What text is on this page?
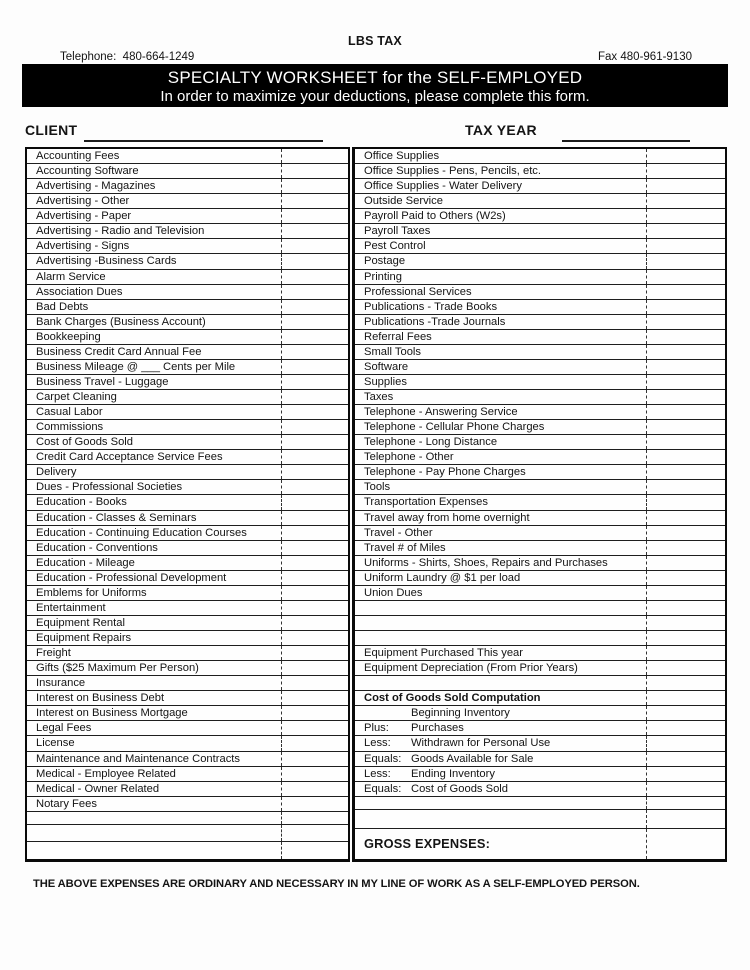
LBS TAX
Telephone: 480-664-1249	Fax 480-961-9130
SPECIALTY WORKSHEET for the SELF-EMPLOYED
In order to maximize your deductions, please complete this form.
CLIENT	TAX YEAR
Accounting Fees
Accounting Software
Advertising - Magazines
Advertising - Other
Advertising - Paper
Advertising - Radio and Television
Advertising - Signs
Advertising -Business Cards
Alarm Service
Association Dues
Bad Debts
Bank Charges (Business Account)
Bookkeeping
Business Credit Card Annual Fee
Business Mileage @ ___ Cents per Mile
Business Travel - Luggage
Carpet Cleaning
Casual Labor
Commissions
Cost of Goods Sold
Credit Card Acceptance Service Fees
Delivery
Dues - Professional Societies
Education - Books
Education - Classes & Seminars
Education - Continuing Education Courses
Education - Conventions
Education - Mileage
Education - Professional Development
Emblems for Uniforms
Entertainment
Equipment Rental
Equipment Repairs
Freight
Gifts ($25 Maximum Per Person)
Insurance
Interest on Business Debt
Interest on Business Mortgage
Legal Fees
License
Maintenance and Maintenance Contracts
Medical - Employee Related
Medical - Owner Related
Notary Fees
Office Supplies
Office Supplies - Pens, Pencils, etc.
Office Supplies - Water Delivery
Outside Service
Payroll Paid to Others (W2s)
Payroll Taxes
Pest Control
Postage
Printing
Professional Services
Publications - Trade Books
Publications -Trade Journals
Referral Fees
Small Tools
Software
Supplies
Taxes
Telephone - Answering Service
Telephone - Cellular Phone Charges
Telephone - Long Distance
Telephone - Other
Telephone - Pay Phone Charges
Tools
Transportation Expenses
Travel away from home overnight
Travel - Other
Travel # of Miles
Uniforms - Shirts, Shoes, Repairs and Purchases
Uniform Laundry @ $1 per load
Union Dues
Equipment Purchased This year
Equipment Depreciation (From Prior Years)
Cost of Goods Sold Computation
Beginning Inventory
Plus: Purchases
Less: Withdrawn for Personal Use
Equals: Goods Available for Sale
Less: Ending Inventory
Equals: Cost of Goods Sold
GROSS EXPENSES:
THE ABOVE EXPENSES ARE ORDINARY AND NECESSARY IN MY LINE OF WORK AS A SELF-EMPLOYED PERSON.
